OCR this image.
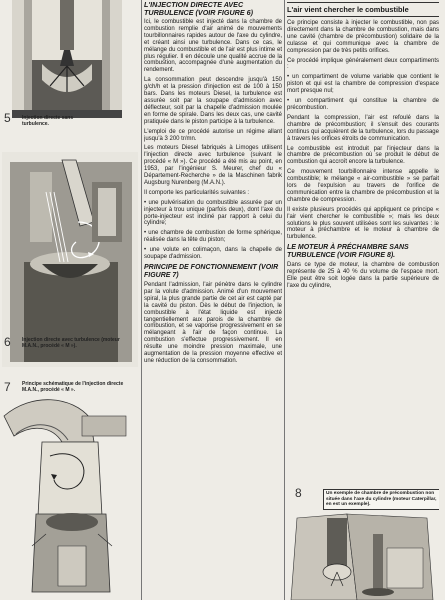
5 Injection directe sans turbulence.
6 Injection directe avec turbulence (moteur M.A.N., procédé « M »).
7 Principe schématique de l'injection directe M.A.N., procédé « M ».
L'INJECTION DIRECTE AVEC TURBULENCE (VOIR FIGURE 6)

Ici, le combustible est injecté dans la chambre de combustion remplie d'air animé de mouvements tourbillonnaires rapides autour de l'axe du cylindre, et créant ainsi une turbulence. Dans ce cas, le mélange du combustible et de l'air est plus intime et plus régulier. Il en découle une qualité accrue de la combustion, accompagnée d'une augmentation du rendement.

La consommation peut descendre jusqu'à 150 g/ch/h et la pression d'injection est de 100 à 150 bars. Dans les moteurs Diesel, la turbulence est assurée soit par la soupape d'admission avec déflecteur, soit par la chapelle d'admission moulée en forme de spirale. Dans les deux cas, une cavité pratiquée dans le piston participe à la turbulence.

L'emploi de ce procédé autorise un régime allant jusqu'à 3 200 tr/mn.

Les moteurs Diesel fabriqués à Limoges utilisent l'injection directe avec turbulence (suivant le procédé « M »). Ce procédé a été mis au point, en 1953, par l'ingénieur S. Meurer, chef du « Département-Recherche » de la Maschinen fabrik Augsburg Nurenberg (M.A.N.).

Il comporte les particularités suivantes :

• une pulvérisation du combustible assurée par un injecteur à trou unique (parfois deux), dont l'axe du porte-injecteur est incliné par rapport à celui du cylindre;

• une chambre de combustion de forme sphérique, réalisée dans la tête du piston;

• une volute en colimaçon, dans la chapelle de soupape d'admission.

PRINCIPE DE FONCTIONNEMENT (VOIR FIGURE 7)

Pendant l'admission, l'air pénètre dans le cylindre par la volute d'admission. Animé d'un mouvement spiral, la plus grande partie de cet air est capté par la cavité du piston. Dès le début de l'injection, le combustible à l'état liquide est injecté tangentiellement aux parois de la chambre de combustion, et se vaporise progressivement en se mélangeant à l'air de façon continue. La combustion s'effectue progressivement. Il en résulte une moindre pression maximale, une augmentation de la pression moyenne effective et une réduction de la consommation.

L'air vient chercher le combustible

Ce principe consiste à injecter le combustible, non pas directement dans la chambre de combustion, mais dans une cavité (chambre de précombustion) solidaire de la culasse et qui communique avec la chambre de compression par de très petits orifices.

Ce procédé implique généralement deux compartiments :

• un compartiment de volume variable que contient le piston et qui est la chambre de compression d'espace mort presque nul;

• un compartiment qui constitue la chambre de précombustion.

Pendant la compression, l'air est refoulé dans la chambre de précombustion; il s'ensuit des courants continus qui acquièrent de la turbulence, lors du passage à travers les orifices étroits de communication.

Le combustible est introduit par l'injecteur dans la chambre de précombustion où se produit le début de combustion qui accroît encore la turbulence.

Ce mouvement tourbillonnaire intense appelle le combustible; le mélange « air-combustible » se parfait lors de l'expulsion au travers de l'orifice de communication entre la chambre de précombustion et la chambre de compression.

Il existe plusieurs procédés qui appliquent ce principe « l'air vient chercher le combustible »; mais les deux solutions le plus souvent utilisées sont les suivantes : le moteur à préchambre et le moteur à chambre de turbulence.

LE MOTEUR À PRÉCHAMBRE SANS TURBULENCE (VOIR FIGURE 8).

Dans ce type de moteur, la chambre de combustion représente de 25 à 40 % du volume de l'espace mort. Elle peut être soit logée dans la partie supérieure de l'axe du cylindre,

8	Un exemple de chambre de précombustion non située dans l'axe du cylindre (moteur Caterpillar, en est un exemple).
